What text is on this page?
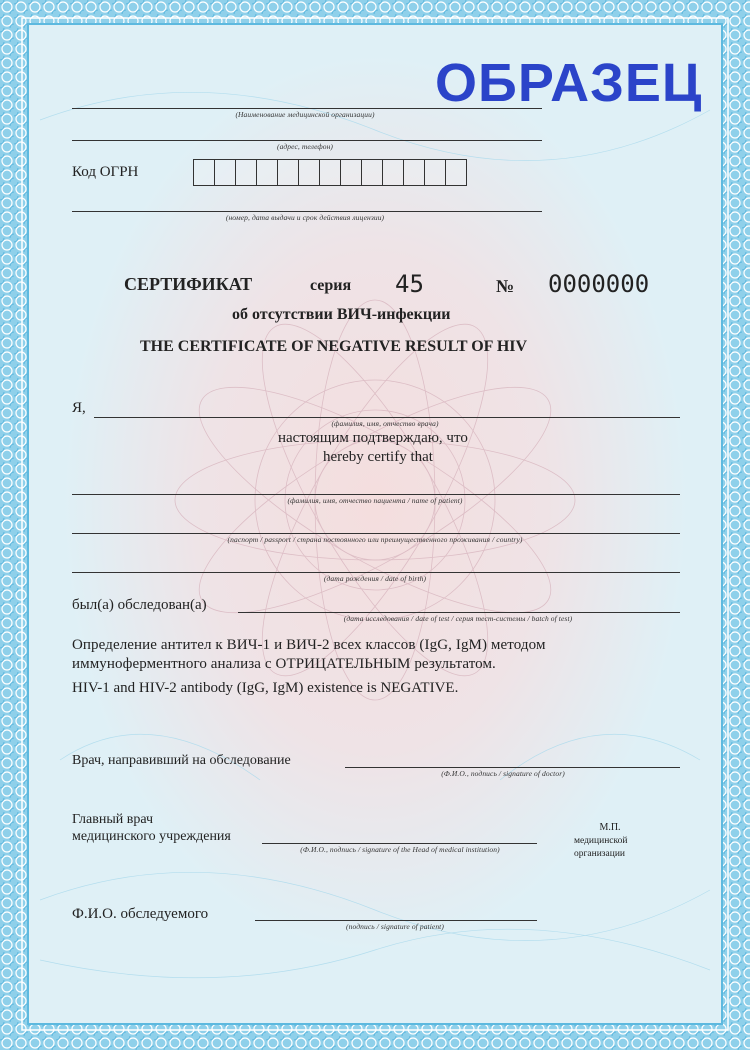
ОБРАЗЕЦ
(Наименование медицинской организации)
(адрес, телефон)
Код ОГРН
(номер, дата выдачи и срок действия лицензии)
СЕРТИФИКАТ	серия 45	№ 0000000
об отсутствии ВИЧ-инфекции
THE CERTIFICATE OF NEGATIVE RESULT OF HIV
Я,
(фамилия, имя, отчество врача)
настоящим подтверждаю, что
hereby certify that
(фамилия, имя, отчество пациента / name of patient)
(паспорт / passport / страна постоянного или преимущественного проживания / country)
(дата рождения / date of birth)
был(а) обследован(а)
(дата исследования / date of test / серия тест-системы / batch of test)
Определение антител к ВИЧ-1 и ВИЧ-2 всех классов (IgG, IgM) методом
иммуноферментного анализа с ОТРИЦАТЕЛЬНЫМ результатом.
HIV-1 and HIV-2 antibody (IgG, IgM) existence is NEGATIVE.
Врач, направивший на обследование
(Ф.И.О., подпись / signature of doctor)
Главный врач
медицинского учреждения
(Ф.И.О., подпись / signature of the Head of medical institution)
М.П.
медицинской
организации
Ф.И.О. обследуемого
(подпись / signature of patient)
